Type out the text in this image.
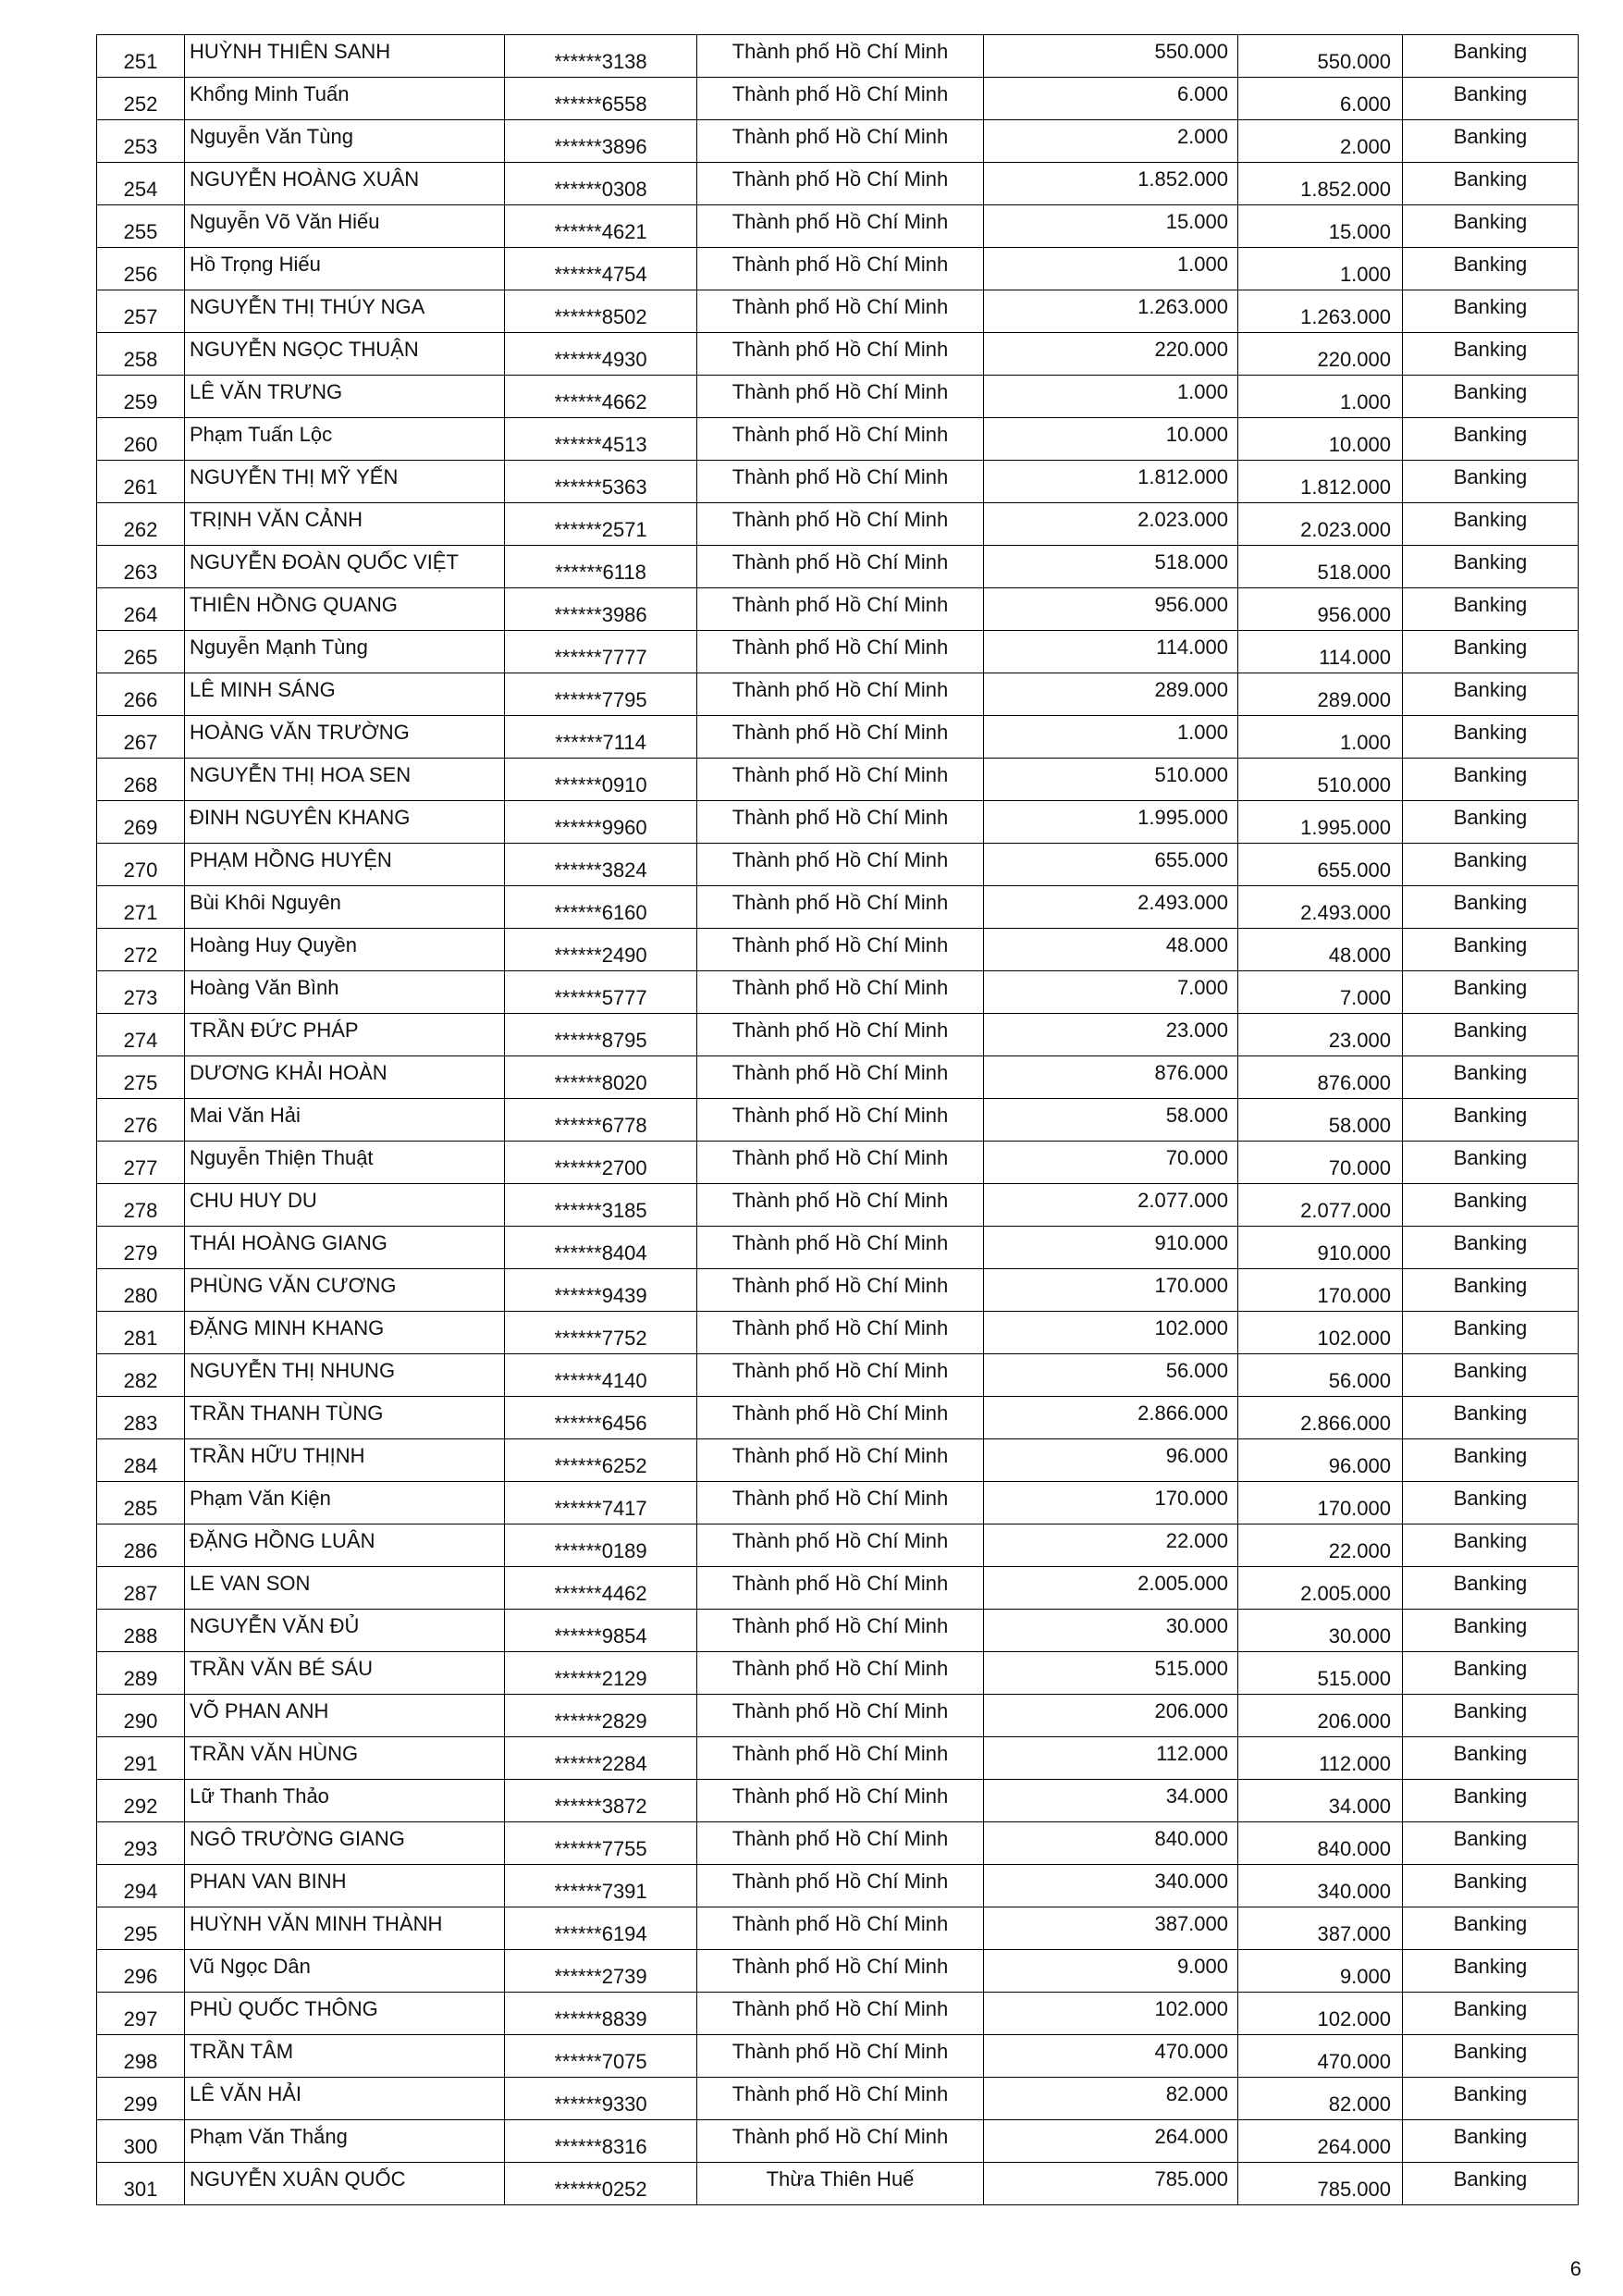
251	HUỲNH THIÊN SANH	******3138	Thành phố Hồ Chí Minh	550.000	550.000	Banking

252	Khổng Minh Tuấn	******6558	Thành phố Hồ Chí Minh	6.000	6.000	Banking

253	Nguyễn Văn Tùng	******3896	Thành phố Hồ Chí Minh	2.000	2.000	Banking

254	NGUYỄN HOÀNG XUÂN	******0308	Thành phố Hồ Chí Minh	1.852.000	1.852.000	Banking

255	Nguyễn Võ Văn Hiếu	******4621	Thành phố Hồ Chí Minh	15.000	15.000	Banking

256	Hồ Trọng Hiếu	******4754	Thành phố Hồ Chí Minh	1.000	1.000	Banking

257	NGUYỄN THỊ THÚY NGA	******8502	Thành phố Hồ Chí Minh	1.263.000	1.263.000	Banking

258	NGUYỄN NGỌC THUẬN	******4930	Thành phố Hồ Chí Minh	220.000	220.000	Banking

259	LÊ VĂN TRƯNG	******4662	Thành phố Hồ Chí Minh	1.000	1.000	Banking

260	Phạm Tuấn Lộc	******4513	Thành phố Hồ Chí Minh	10.000	10.000	Banking

261	NGUYỄN THỊ MỸ YẾN	******5363	Thành phố Hồ Chí Minh	1.812.000	1.812.000	Banking

262	TRỊNH VĂN CẢNH	******2571	Thành phố Hồ Chí Minh	2.023.000	2.023.000	Banking

263	NGUYỄN ĐOÀN QUỐC VIỆT	******6118	Thành phố Hồ Chí Minh	518.000	518.000	Banking

264	THIÊN HỒNG QUANG	******3986	Thành phố Hồ Chí Minh	956.000	956.000	Banking

265	Nguyễn Mạnh Tùng	******7777	Thành phố Hồ Chí Minh	114.000	114.000	Banking

266	LÊ MINH SÁNG	******7795	Thành phố Hồ Chí Minh	289.000	289.000	Banking

267	HOÀNG VĂN TRƯỜNG	******7114	Thành phố Hồ Chí Minh	1.000	1.000	Banking

268	NGUYỄN THỊ HOA SEN	******0910	Thành phố Hồ Chí Minh	510.000	510.000	Banking

269	ĐINH NGUYÊN KHANG	******9960	Thành phố Hồ Chí Minh	1.995.000	1.995.000	Banking

270	PHẠM HỒNG HUYỆN	******3824	Thành phố Hồ Chí Minh	655.000	655.000	Banking

271	Bùi Khôi Nguyên	******6160	Thành phố Hồ Chí Minh	2.493.000	2.493.000	Banking

272	Hoàng Huy Quyền	******2490	Thành phố Hồ Chí Minh	48.000	48.000	Banking

273	Hoàng Văn Bình	******5777	Thành phố Hồ Chí Minh	7.000	7.000	Banking

274	TRẦN ĐỨC PHÁP	******8795	Thành phố Hồ Chí Minh	23.000	23.000	Banking

275	DƯƠNG KHẢI HOÀN	******8020	Thành phố Hồ Chí Minh	876.000	876.000	Banking

276	Mai Văn Hải	******6778	Thành phố Hồ Chí Minh	58.000	58.000	Banking

277	Nguyễn Thiện Thuật	******2700	Thành phố Hồ Chí Minh	70.000	70.000	Banking

278	CHU HUY DU	******3185	Thành phố Hồ Chí Minh	2.077.000	2.077.000	Banking

279	THÁI HOÀNG GIANG	******8404	Thành phố Hồ Chí Minh	910.000	910.000	Banking

280	PHÙNG VĂN CƯƠNG	******9439	Thành phố Hồ Chí Minh	170.000	170.000	Banking

281	ĐẶNG MINH KHANG	******7752	Thành phố Hồ Chí Minh	102.000	102.000	Banking

282	NGUYỄN THỊ NHUNG	******4140	Thành phố Hồ Chí Minh	56.000	56.000	Banking

283	TRẦN THANH TÙNG	******6456	Thành phố Hồ Chí Minh	2.866.000	2.866.000	Banking

284	TRẦN HỮU THỊNH	******6252	Thành phố Hồ Chí Minh	96.000	96.000	Banking

285	Phạm Văn Kiện	******7417	Thành phố Hồ Chí Minh	170.000	170.000	Banking

286	ĐẶNG HỒNG LUÂN	******0189	Thành phố Hồ Chí Minh	22.000	22.000	Banking

287	LE VAN SON	******4462	Thành phố Hồ Chí Minh	2.005.000	2.005.000	Banking

288	NGUYỄN VĂN ĐỦ	******9854	Thành phố Hồ Chí Minh	30.000	30.000	Banking

289	TRẦN VĂN BÉ SÁU	******2129	Thành phố Hồ Chí Minh	515.000	515.000	Banking

290	VÕ PHAN ANH	******2829	Thành phố Hồ Chí Minh	206.000	206.000	Banking

291	TRẦN VĂN HÙNG	******2284	Thành phố Hồ Chí Minh	112.000	112.000	Banking

292	Lữ Thanh Thảo	******3872	Thành phố Hồ Chí Minh	34.000	34.000	Banking

293	NGÔ TRƯỜNG GIANG	******7755	Thành phố Hồ Chí Minh	840.000	840.000	Banking

294	PHAN VAN BINH	******7391	Thành phố Hồ Chí Minh	340.000	340.000	Banking

295	HUỲNH VĂN MINH THÀNH	******6194	Thành phố Hồ Chí Minh	387.000	387.000	Banking

296	Vũ Ngọc Dân	******2739	Thành phố Hồ Chí Minh	9.000	9.000	Banking

297	PHÙ QUỐC THÔNG	******8839	Thành phố Hồ Chí Minh	102.000	102.000	Banking

298	TRẦN TÂM	******7075	Thành phố Hồ Chí Minh	470.000	470.000	Banking

299	LÊ VĂN HẢI	******9330	Thành phố Hồ Chí Minh	82.000	82.000	Banking

300	Phạm Văn Thắng	******8316	Thành phố Hồ Chí Minh	264.000	264.000	Banking

301	NGUYỄN XUÂN QUỐC	******0252	Thừa Thiên Huế	785.000	785.000	Banking
6
